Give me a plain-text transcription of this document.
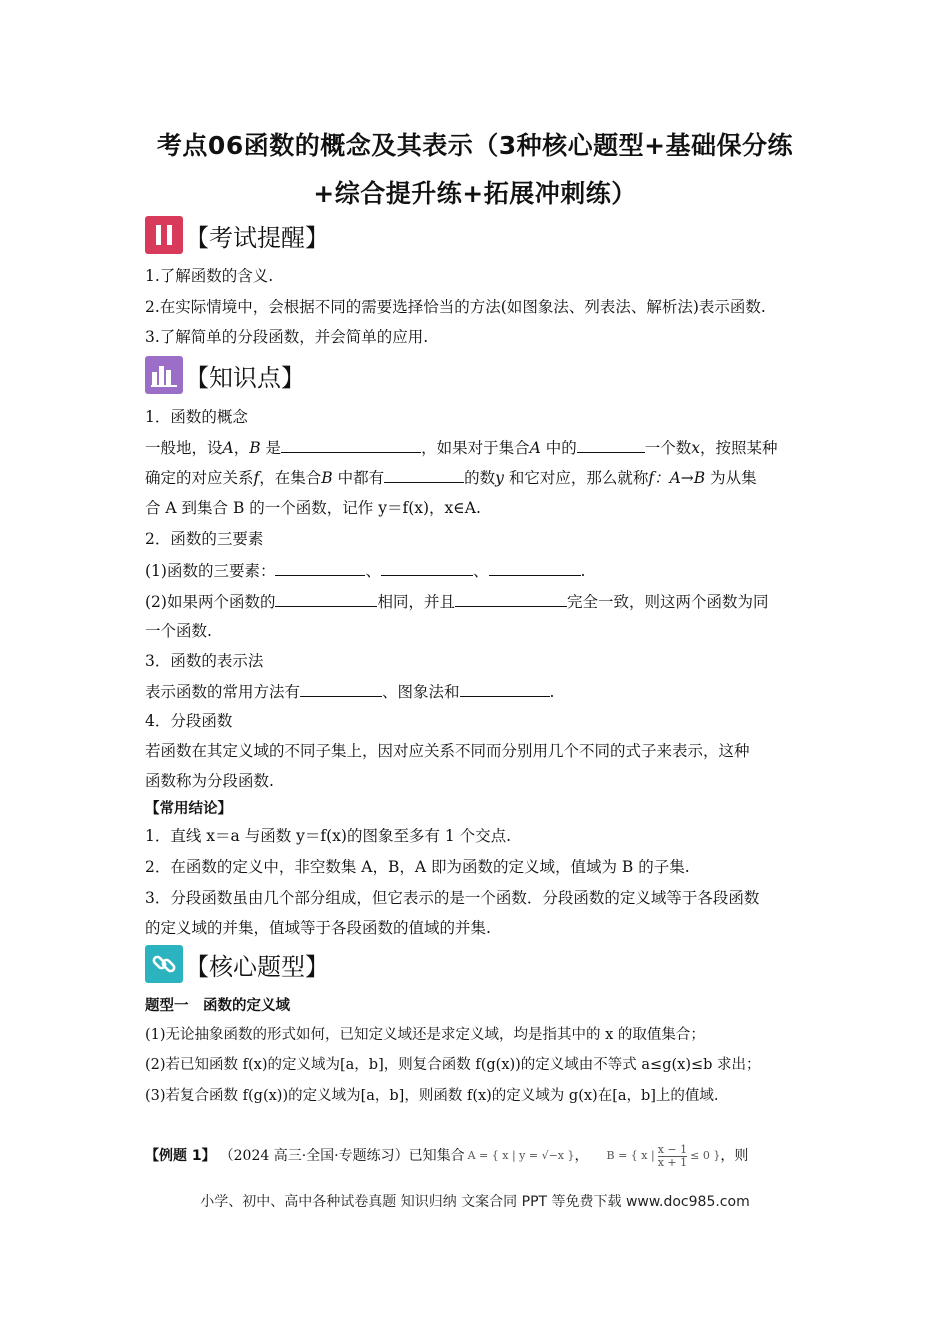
考点06函数的概念及其表示（3种核心题型+基础保分练
+综合提升练+拓展冲刺练）
【考试提醒】
1.了解函数的含义.
2.在实际情境中，会根据不同的需要选择恰当的方法(如图象法、列表法、解析法)表示函数.
3.了解简单的分段函数，并会简单的应用.
【知识点】
1．函数的概念
一般地，设A，B 是	，如果对于集合A 中的	一个数x，按照某种
确定的对应关系f，在集合B 中都有	的数y 和它对应，那么就称f：A→B 为从集
合 A 到集合 B 的一个函数，记作 y＝f(x)，x∈A.
2．函数的三要素
(1)函数的三要素：	、	、	.
(2)如果两个函数的	相同，并且	完全一致，则这两个函数为同
一个函数.
3．函数的表示法
表示函数的常用方法有	、图象法和	.
4．分段函数
若函数在其定义域的不同子集上，因对应关系不同而分别用几个不同的式子来表示，这种
函数称为分段函数.
【常用结论】
1．直线 x＝a 与函数 y＝f(x)的图象至多有 1 个交点.
2．在函数的定义中，非空数集 A，B，A 即为函数的定义域，值域为 B 的子集.
3．分段函数虽由几个部分组成，但它表示的是一个函数．分段函数的定义域等于各段函数
的定义域的并集，值域等于各段函数的值域的并集.
【核心题型】
题型一　函数的定义域
(1)无论抽象函数的形式如何，已知定义域还是求定义域，均是指其中的 x 的取值集合；
(2)若已知函数 f(x)的定义域为[a，b]，则复合函数 f(g(x))的定义域由不等式 a≤g(x)≤b 求出；
(3)若复合函数 f(g(x))的定义域为[a，b]，则函数 f(x)的定义域为 g(x)在[a，b]上的值域.
【例题 1】 （2024 高三·全国·专题练习）已知集合 A = { x | y = √−x } ， B = { x | $\frac{x - 1}{x + 1} \le 0$ } ，则
小学、初中、高中各种试卷真题 知识归纳 文案合同 PPT 等免费下载 www.doc985.com
